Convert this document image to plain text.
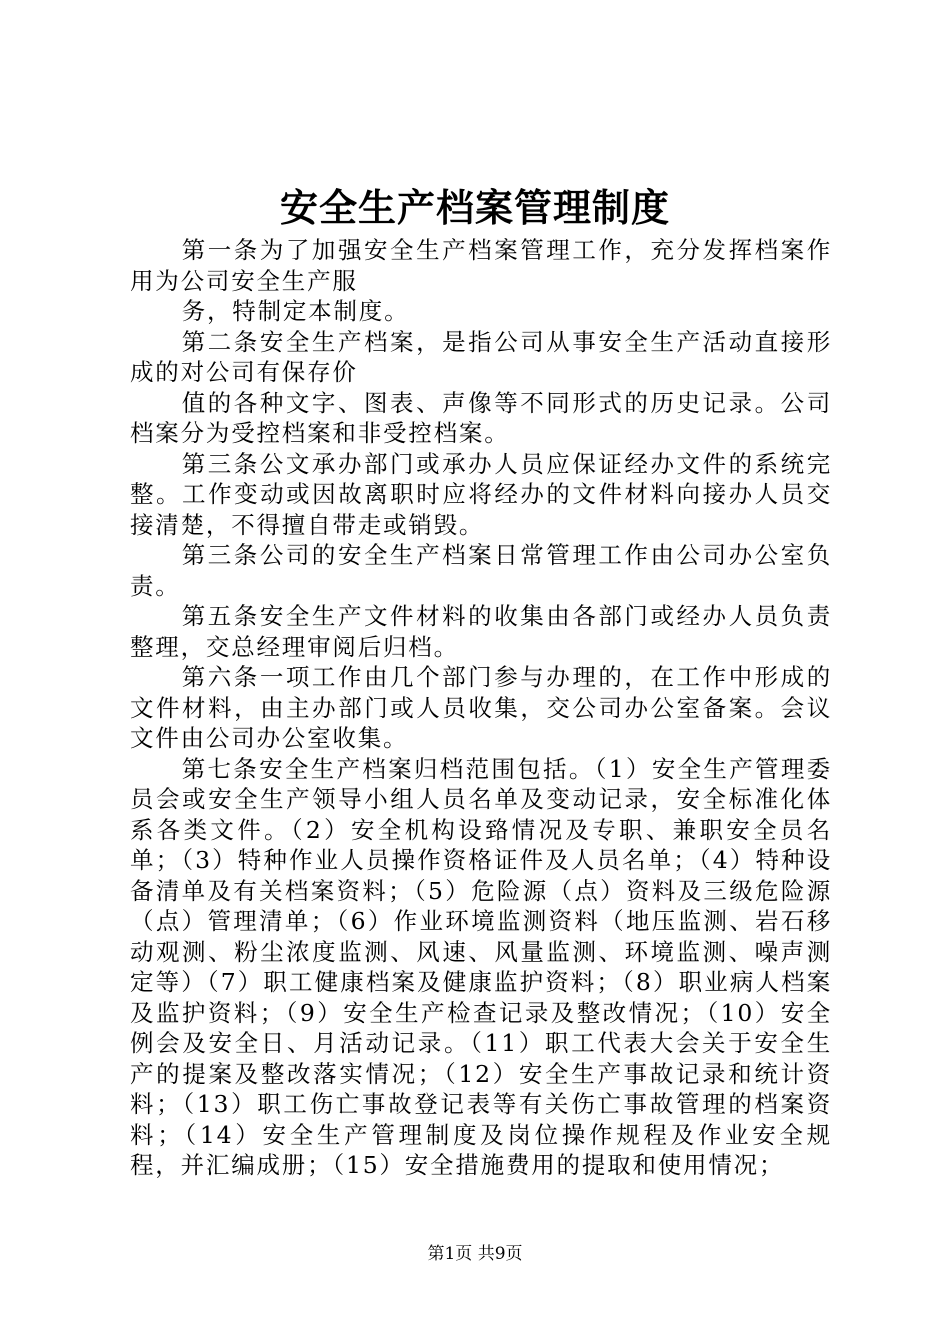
安全生产档案管理制度

第一条为了加强安全生产档案管理工作，充分发挥档案作用为公司安全生产服

务，特制定本制度。

第二条安全生产档案，是指公司从事安全生产活动直接形成的对公司有保存价

值的各种文字、图表、声像等不同形式的历史记录。公司档案分为受控档案和非受控档案。

第三条公文承办部门或承办人员应保证经办文件的系统完整。工作变动或因故离职时应将经办的文件材料向接办人员交接清楚，不得擅自带走或销毁。

第三条公司的安全生产档案日常管理工作由公司办公室负责。

第五条安全生产文件材料的收集由各部门或经办人员负责整理，交总经理审阅后归档。

第六条一项工作由几个部门参与办理的，在工作中形成的文件材料，由主办部门或人员收集，交公司办公室备案。会议文件由公司办公室收集。

第七条安全生产档案归档范围包括。（1）安全生产管理委员会或安全生产领导小组人员名单及变动记录，安全标准化体系各类文件。（2）安全机构设臵情况及专职、兼职安全员名单；（3）特种作业人员操作资格证件及人员名单；（4）特种设备清单及有关档案资料；（5）危险源（点）资料及三级危险源（点）管理清单；（6）作业环境监测资料（地压监测、岩石移动观测、粉尘浓度监测、风速、风量监测、环境监测、噪声测定等）（7）职工健康档案及健康监护资料；（8）职业病人档案及监护资料；（9）安全生产检查记录及整改情况；（10）安全例会及安全日、月活动记录。（11）职工代表大会关于安全生产的提案及整改落实情况；（12）安全生产事故记录和统计资料；（13）职工伤亡事故登记表等有关伤亡事故管理的档案资料；（14）安全生产管理制度及岗位操作规程及作业安全规程，并汇编成册；（15）安全措施费用的提取和使用情况；

第1页 共9页
